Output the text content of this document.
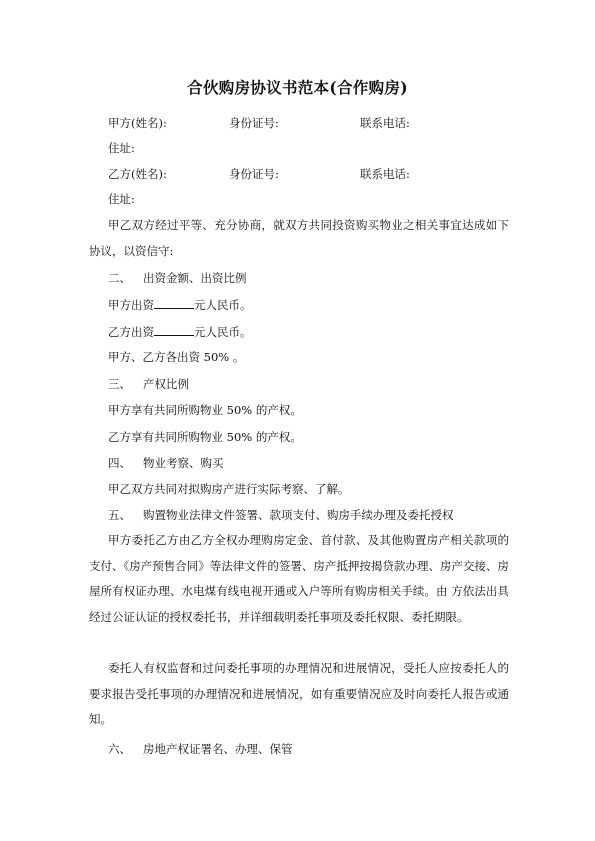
合伙购房协议书范本(合作购房)
甲方(姓名):	身份证号:	联系电话:
住址:
乙方(姓名):	身份证号:	联系电话:
住址:
甲乙双方经过平等、充分协商，就双方共同投资购买物业之相关事宜达成如下协议，以资信守:
二、 出资金额、出资比例
甲方出资	元人民币。
乙方出资	元人民币。
甲方、乙方各出资 50% 。
三、 产权比例
甲方享有共同所购物业 50% 的产权。
乙方享有共同所购物业 50% 的产权。
四、 物业考察、购买
甲乙双方共同对拟购房产进行实际考察、了解。
五、 购置物业法律文件签署、款项支付、购房手续办理及委托授权
甲方委托乙方由乙方全权办理购房定金、首付款、及其他购置房产相关款项的支付、《房产预售合同》等法律文件的签署、房产抵押按揭贷款办理、房产交接、房屋所有权证办理、水电煤有线电视开通或入户等所有购房相关手续。由 方依法出具经过公证认证的授权委托书，并详细载明委托事项及委托权限、委托期限。
委托人有权监督和过问委托事项的办理情况和进展情况，受托人应按委托人的要求报告受托事项的办理情况和进展情况，如有重要情况应及时向委托人报告或通知。
六、 房地产权证署名、办理、保管
